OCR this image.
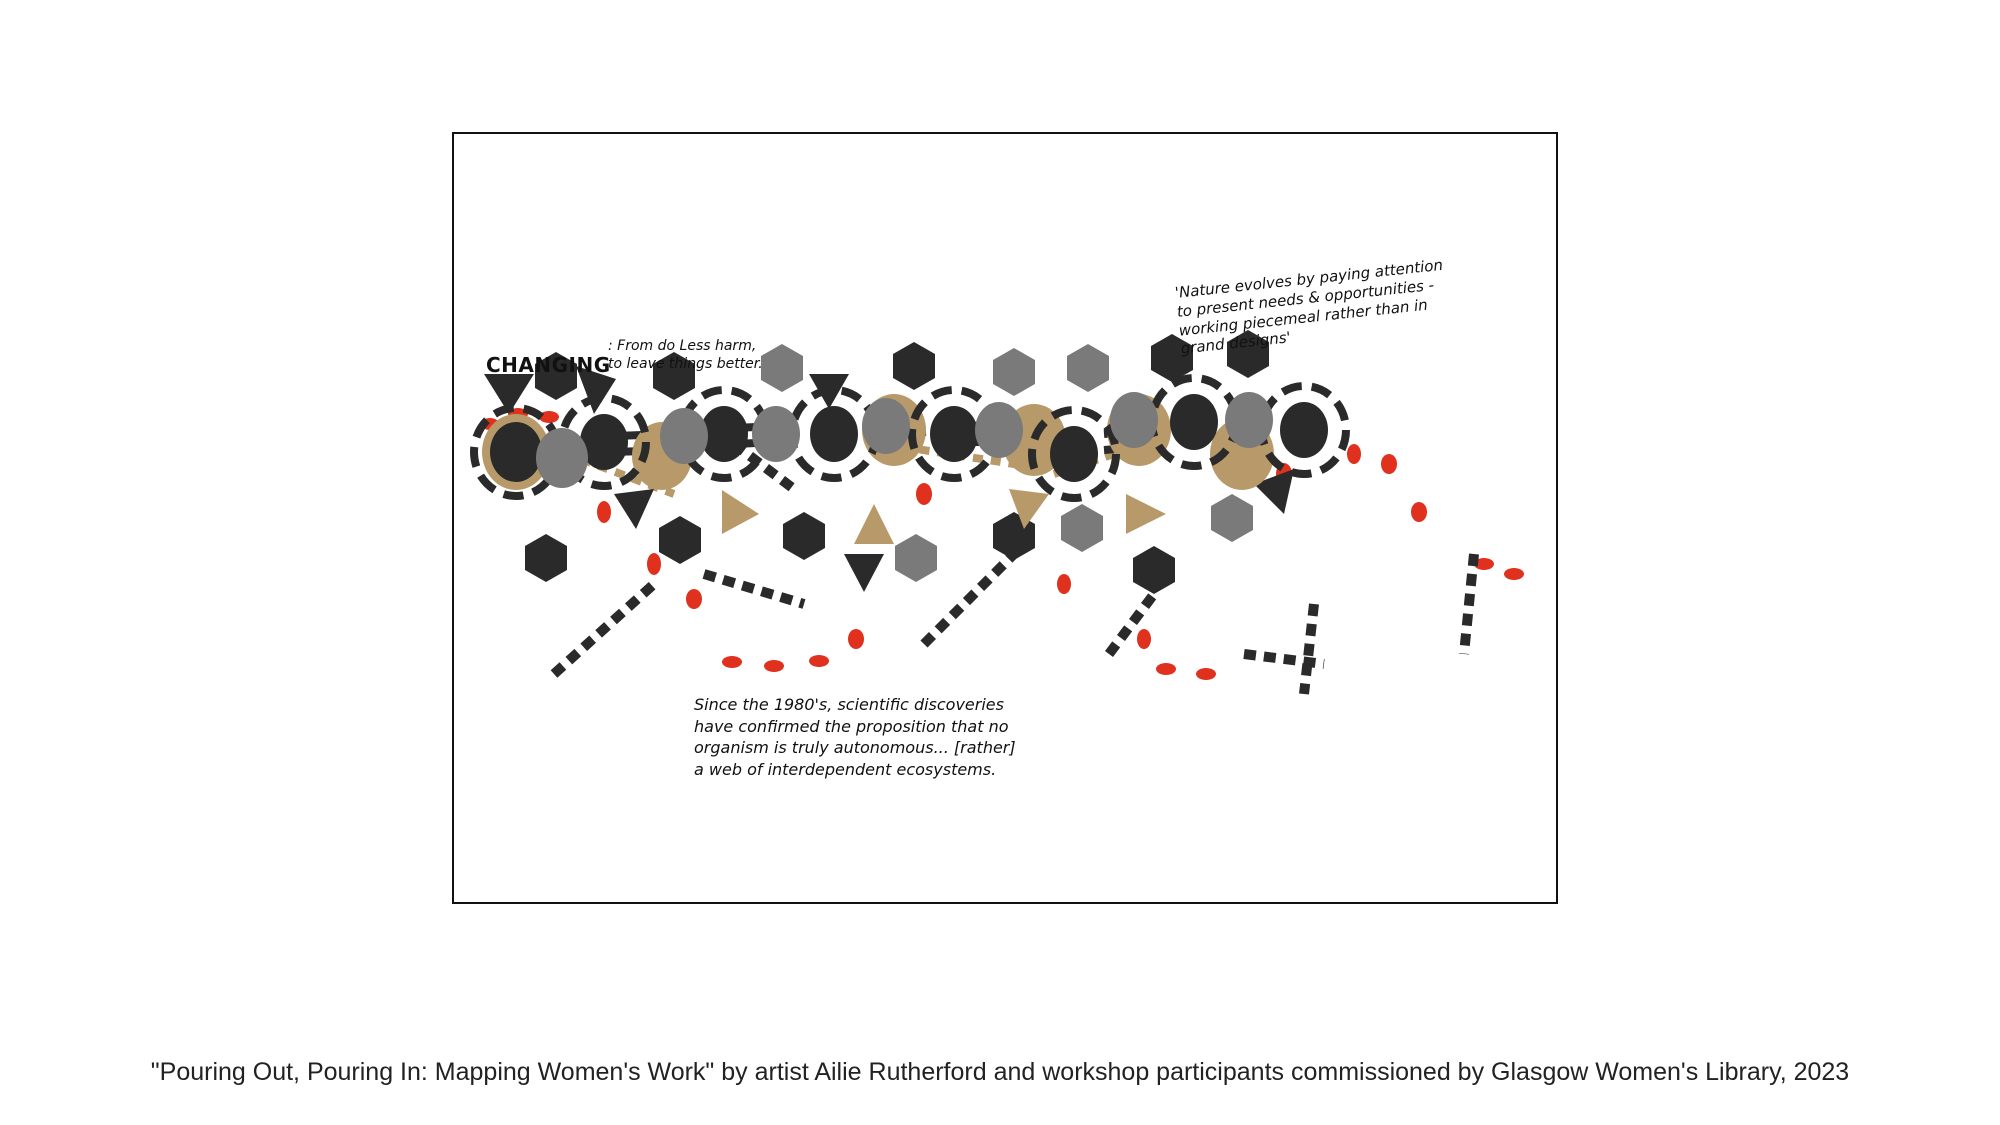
CHANGING

: From do Less harm,
to leave things better.

'Nature evolves by paying attention
to present needs & opportunities -
working piecemeal rather than in
grand designs'
Since the 1980's, scientific discoveries
have confirmed the proposition that no
organism is truly autonomous... [rather]
a web of interdependent ecosystems.
"Pouring Out, Pouring In: Mapping Women's Work" by artist Ailie Rutherford and workshop participants commissioned by Glasgow Women's Library, 2023
